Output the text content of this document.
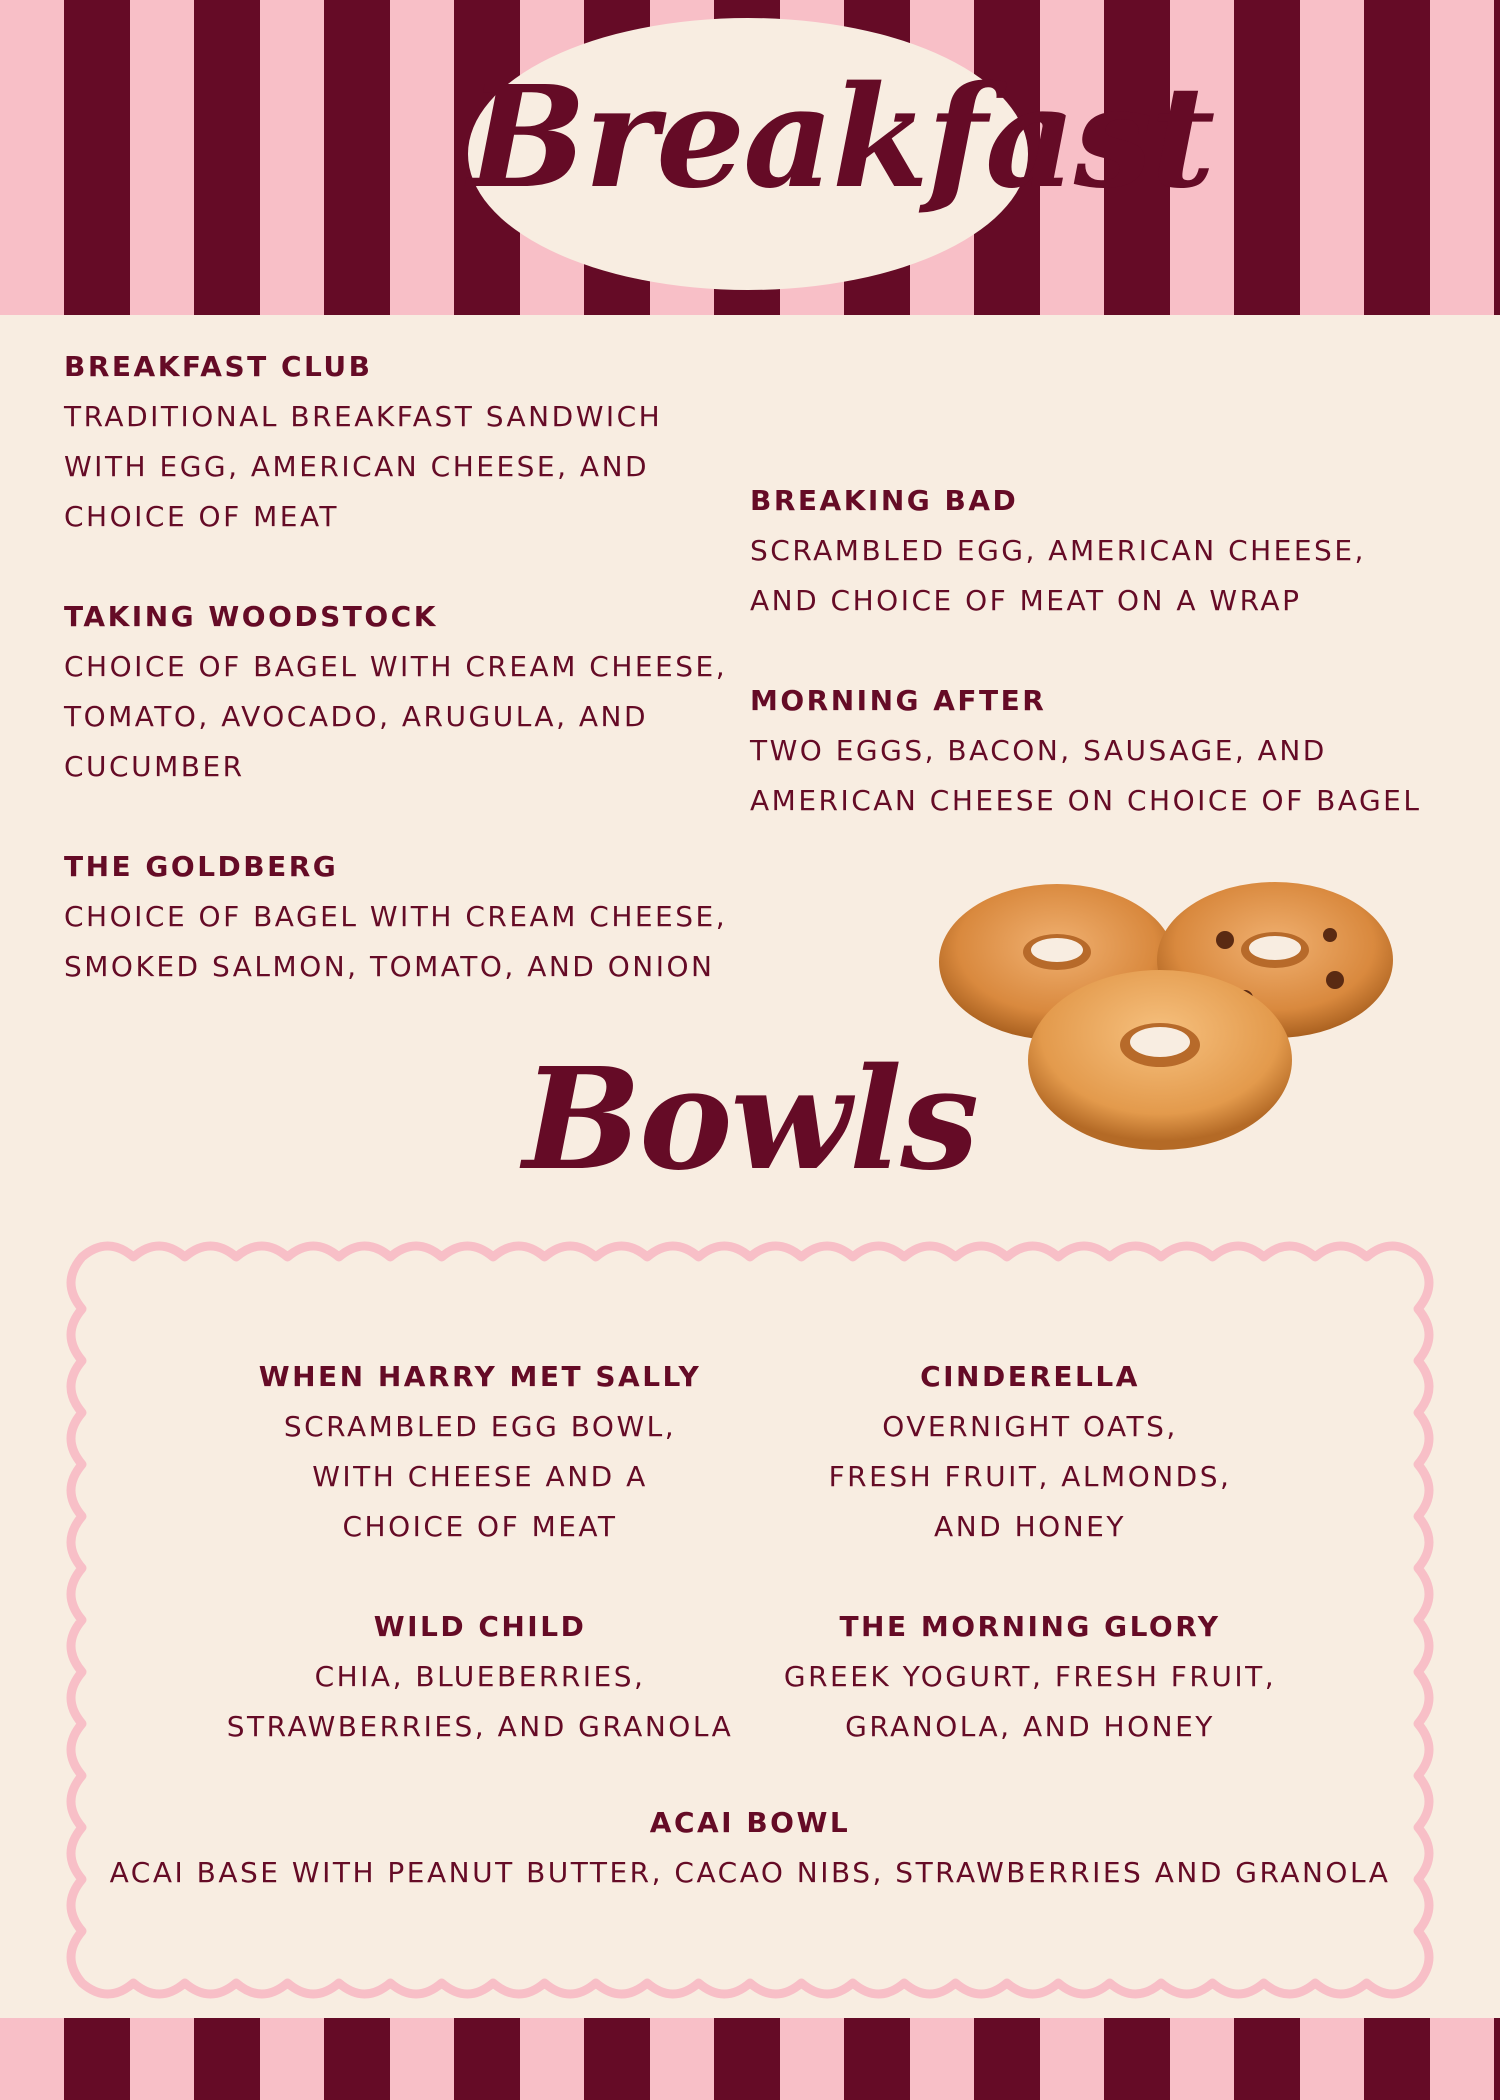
Breakfast
BREAKFAST CLUB
TRADITIONAL BREAKFAST SANDWICH
WITH EGG, AMERICAN CHEESE, AND
CHOICE OF MEAT
TAKING WOODSTOCK
CHOICE OF BAGEL WITH CREAM CHEESE,
TOMATO, AVOCADO, ARUGULA, AND
CUCUMBER
THE GOLDBERG
CHOICE OF BAGEL WITH CREAM CHEESE,
SMOKED SALMON, TOMATO, AND ONION
BREAKING BAD
SCRAMBLED EGG, AMERICAN CHEESE,
AND CHOICE OF MEAT ON A WRAP
MORNING AFTER
TWO EGGS, BACON, SAUSAGE, AND
AMERICAN CHEESE ON CHOICE OF BAGEL
Bowls
WHEN HARRY MET SALLY
SCRAMBLED EGG BOWL,
WITH CHEESE AND A
CHOICE OF MEAT
CINDERELLA
OVERNIGHT OATS,
FRESH FRUIT, ALMONDS,
AND HONEY
WILD CHILD
CHIA, BLUEBERRIES,
STRAWBERRIES, AND GRANOLA
THE MORNING GLORY
GREEK YOGURT, FRESH FRUIT,
GRANOLA, AND HONEY
ACAI BOWL
ACAI BASE WITH PEANUT BUTTER, CACAO NIBS, STRAWBERRIES AND GRANOLA
